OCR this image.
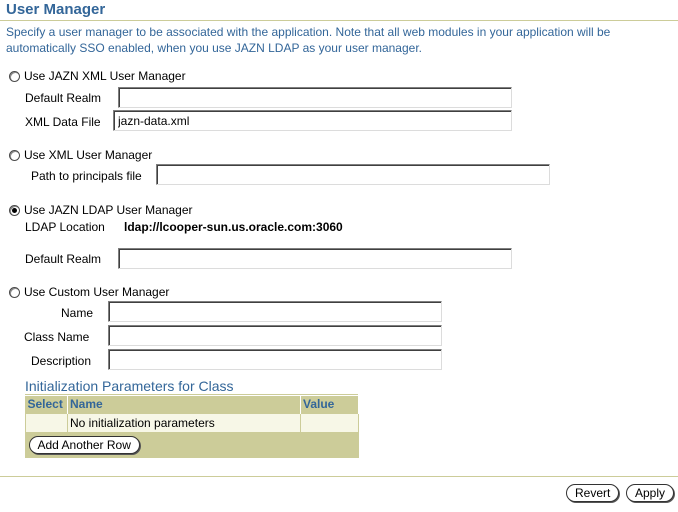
User Manager
Specify a user manager to be associated with the application. Note that all web modules in your application will be automatically SSO enabled, when you use JAZN LDAP as your user manager.
Use JAZN XML User Manager
Default Realm
XML Data File
jazn-data.xml
Use XML User Manager
Path to principals file
Use JAZN LDAP User Manager
LDAP Location ldap://lcooper-sun.us.oracle.com:3060
Default Realm
Use Custom User Manager
Name
Class Name
Description
Initialization Parameters for Class
Select	Name	Value
	No initialization parameters	
Add Another Row		
Revert	Apply
